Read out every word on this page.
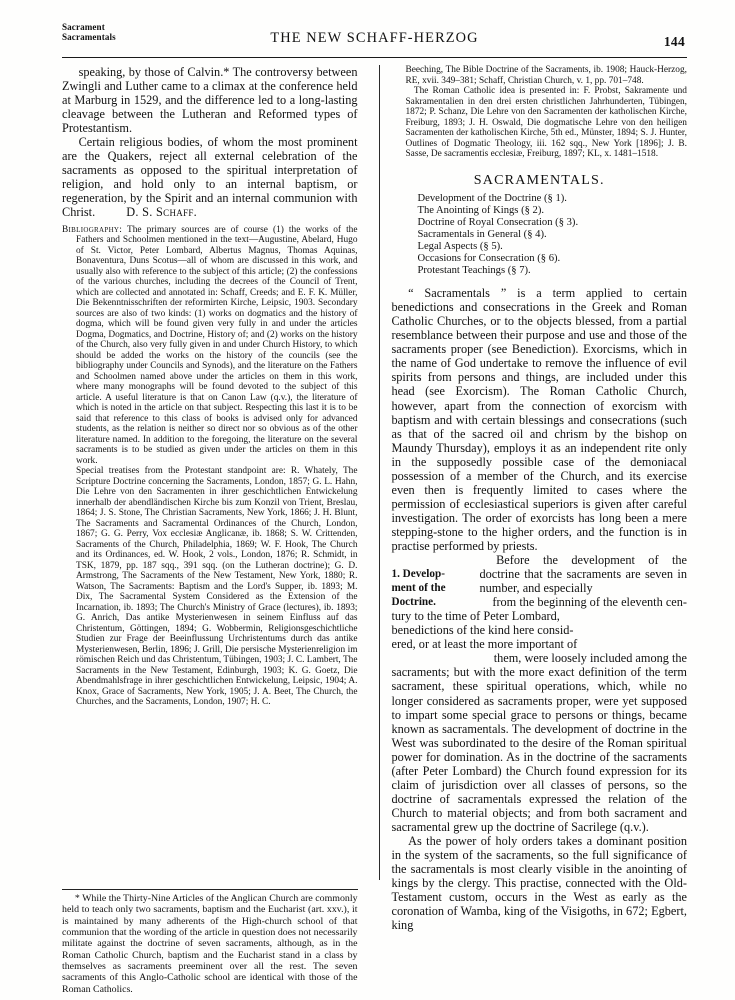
Sacrament
Sacramentals	THE NEW SCHAFF-HERZOG	144

speaking, by those of Calvin.* The controversy between Zwingli and Luther came to a climax at the conference held at Marburg in 1529, and the difference led to a long-lasting cleavage between the Lutheran and Reformed types of Protestantism.

Certain religious bodies, of whom the most prominent are the Quakers, reject all external celebration of the sacraments as opposed to the spiritual interpretation of religion, and hold only to an internal baptism, or regeneration, by the Spirit and an internal communion with Christ.	D. S. Schaff.

Bibliography: The primary sources are of course (1) the works of the Fathers and Schoolmen mentioned in the text—Augustine, Abelard, Hugo of St. Victor, Peter Lombard, Albertus Magnus, Thomas Aquinas, Bonaventura, Duns Scotus—all of whom are discussed in this work, and usually also with reference to the subject of this article; (2) the confessions of the various churches, including the decrees of the Council of Trent, which are collected and annotated in: Schaff, Creeds; and E. F. K. Müller, Die Bekenntnisschriften der reformirten Kirche, Leipsic, 1903. Secondary sources are also of two kinds: (1) works on dogmatics and the history of dogma, which will be found given very fully in and under the articles Dogma, Dogmatics, and Doctrine, History of; and (2) works on the history of the Church, also very fully given in and under Church History, to which should be added the works on the history of the councils (see the bibliography under Councils and Synods), and the literature on the Fathers and Schoolmen named above under the articles on them in this work, where many monographs will be found devoted to the subject of this article. A useful literature is that on Canon Law (q.v.), the literature of which is noted in the article on that subject. Respecting this last it is to be said that reference to this class of books is advised only for advanced students, as the relation is neither so direct nor so obvious as of the other literature named. In addition to the foregoing, the literature on the several sacraments is to be studied as given under the articles on them in this work.

Special treatises from the Protestant standpoint are: R. Whately, The Scripture Doctrine concerning the Sacraments, London, 1857; G. L. Hahn, Die Lehre von den Sacramenten in ihrer geschichtlichen Entwickelung innerhalb der abendländischen Kirche bis zum Konzil von Trient, Breslau, 1864; J. S. Stone, The Christian Sacraments, New York, 1866; J. H. Blunt, The Sacraments and Sacramental Ordinances of the Church, London, 1867; G. G. Perry, Vox ecclesiæ Anglicanæ, ib. 1868; S. W. Crittenden, Sacraments of the Church, Philadelphia, 1869; W. F. Hook, The Church and its Ordinances, ed. W. Hook, 2 vols., London, 1876; R. Schmidt, in TSK, 1879, pp. 187 sqq., 391 sqq. (on the Lutheran doctrine); G. D. Armstrong, The Sacraments of the New Testament, New York, 1880; R. Watson, The Sacraments: Baptism and the Lord's Supper, ib. 1893; M. Dix, The Sacramental System Considered as the Extension of the Incarnation, ib. 1893; The Church's Ministry of Grace (lectures), ib. 1893; G. Anrich, Das antike Mysterienwesen in seinem Einfluss auf das Christentum, Göttingen, 1894; G. Wobbermin, Religionsgeschichtliche Studien zur Frage der Beeinflussung Urchristentums durch das antike Mysterienwesen, Berlin, 1896; J. Grill, Die persische Mysterienreligion im römischen Reich und das Christentum, Tübingen, 1903; J. C. Lambert, The Sacraments in the New Testament, Edinburgh, 1903; K. G. Goetz, Die Abendmahlsfrage in ihrer geschichtlichen Entwickelung, Leipsic, 1904; A. Knox, Grace of Sacraments, New York, 1905; J. A. Beet, The Church, the Churches, and the Sacraments, London, 1907; H. C.

* While the Thirty-Nine Articles of the Anglican Church are commonly held to teach only two sacraments, baptism and the Eucharist (art. xxv.), it is maintained by many adherents of the High-church school of that communion that the wording of the article in question does not necessarily militate against the doctrine of seven sacraments, although, as in the Roman Catholic Church, baptism and the Eucharist stand in a class by themselves as sacraments preeminent over all the rest. The seven sacraments of this Anglo-Catholic school are identical with those of the Roman Catholics.

Beeching, The Bible Doctrine of the Sacraments, ib. 1908; Hauck-Herzog, RE, xvii. 349–381; Schaff, Christian Church, v. 1, pp. 701–748.

The Roman Catholic idea is presented in: F. Probst, Sakramente und Sakramentalien in den drei ersten christlichen Jahrhunderten, Tübingen, 1872; P. Schanz, Die Lehre von den Sacramenten der katholischen Kirche, Freiburg, 1893; J. H. Oswald, Die dogmatische Lehre von den heiligen Sacramenten der katholischen Kirche, 5th ed., Münster, 1894; S. J. Hunter, Outlines of Dogmatic Theology, iii. 162 sqq., New York [1896]; J. B. Sasse, De sacramentis ecclesiæ, Freiburg, 1897; KL, x. 1481–1518.

SACRAMENTALS.
Development of the Doctrine (§ 1).
The Anointing of Kings (§ 2).
Doctrine of Royal Consecration (§ 3).
Sacramentals in General (§ 4).
Legal Aspects (§ 5).
Occasions for Consecration (§ 6).
Protestant Teachings (§ 7).

“ Sacramentals ” is a term applied to certain benedictions and consecrations in the Greek and Roman Catholic Churches, or to the objects blessed, from a partial resemblance between their purpose and use and those of the sacraments proper (see Benediction). Exorcisms, which in the name of God undertake to remove the influence of evil spirits from persons and things, are included under this head (see Exorcism). The Roman Catholic Church, however, apart from the connection of exorcism with baptism and with certain blessings and consecrations (such as that of the sacred oil and chrism by the bishop on Maundy Thursday), employs it as an independent rite only in the supposedly possible case of the demoniacal possession of a member of the Church, and its exercise even then is frequently limited to cases where the permission of ecclesiastical superiors is given after careful investigation. The order of exorcists has long been a mere stepping-stone to the higher orders, and the function is in practise performed by priests.

1. Develop-
ment of the
Doctrine.

Before the development of the doctrine that the sacraments are seven in number, and especially

from the beginning of the eleventh cen-
tury to the time of Peter Lombard,
benedictions of the kind here consid-
ered, or at least the more important of
them, were loosely included among the

sacraments; but with the more exact definition of the term sacrament, these spiritual operations, which, while no longer considered as sacraments proper, were yet supposed to impart some special grace to persons or things, became known as sacramentals. The development of doctrine in the West was subordinated to the desire of the Roman spiritual power for domination. As in the doctrine of the sacraments (after Peter Lombard) the Church found expression for its claim of jurisdiction over all classes of persons, so the doctrine of sacramentals expressed the relation of the Church to material objects; and from both sacrament and sacramental grew up the doctrine of Sacrilege (q.v.).

As the power of holy orders takes a dominant position in the system of the sacraments, so the full significance of the sacramentals is most clearly visible in the anointing of kings by the clergy. This practise, connected with the Old-Testament custom, occurs in the West as early as the coronation of Wamba, king of the Visigoths, in 672; Egbert, king
